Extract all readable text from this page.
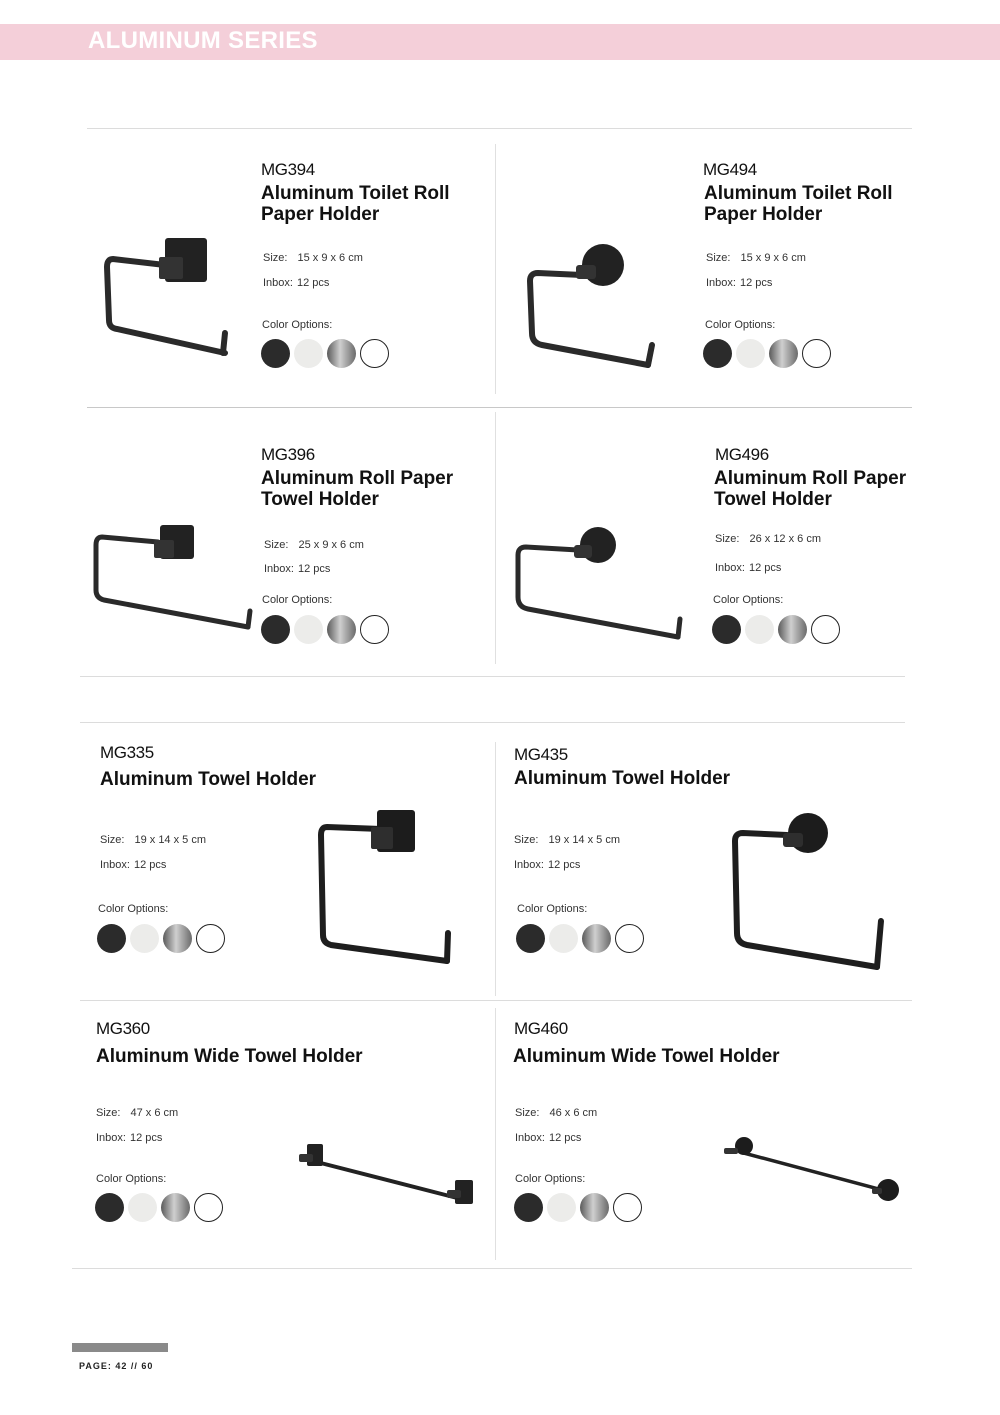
ALUMINUM SERIES
MG394
Aluminum Toilet Roll
Paper Holder
Size: 15 x 9 x 6 cm
Inbox: 12 pcs
Color Options:
MG494
Aluminum Toilet Roll
Paper Holder
Size: 15 x 9 x 6 cm
Inbox: 12 pcs
Color Options:
MG396
Aluminum Roll Paper
Towel Holder
Size: 25 x 9 x 6 cm
Inbox: 12 pcs
Color Options:
MG496
Aluminum Roll Paper
Towel Holder
Size: 26 x 12 x 6 cm
Inbox: 12 pcs
Color Options:
MG335
Aluminum Towel Holder
Size: 19 x 14 x 5 cm
Inbox: 12 pcs
Color Options:
MG435
Aluminum Towel Holder
Size: 19 x 14 x 5 cm
Inbox: 12 pcs
Color Options:
MG360
Aluminum Wide Towel Holder
Size: 47 x 6 cm
Inbox: 12 pcs
Color Options:
MG460
Aluminum Wide Towel Holder
Size: 46 x 6 cm
Inbox: 12 pcs
Color Options:
PAGE: 42 // 60
